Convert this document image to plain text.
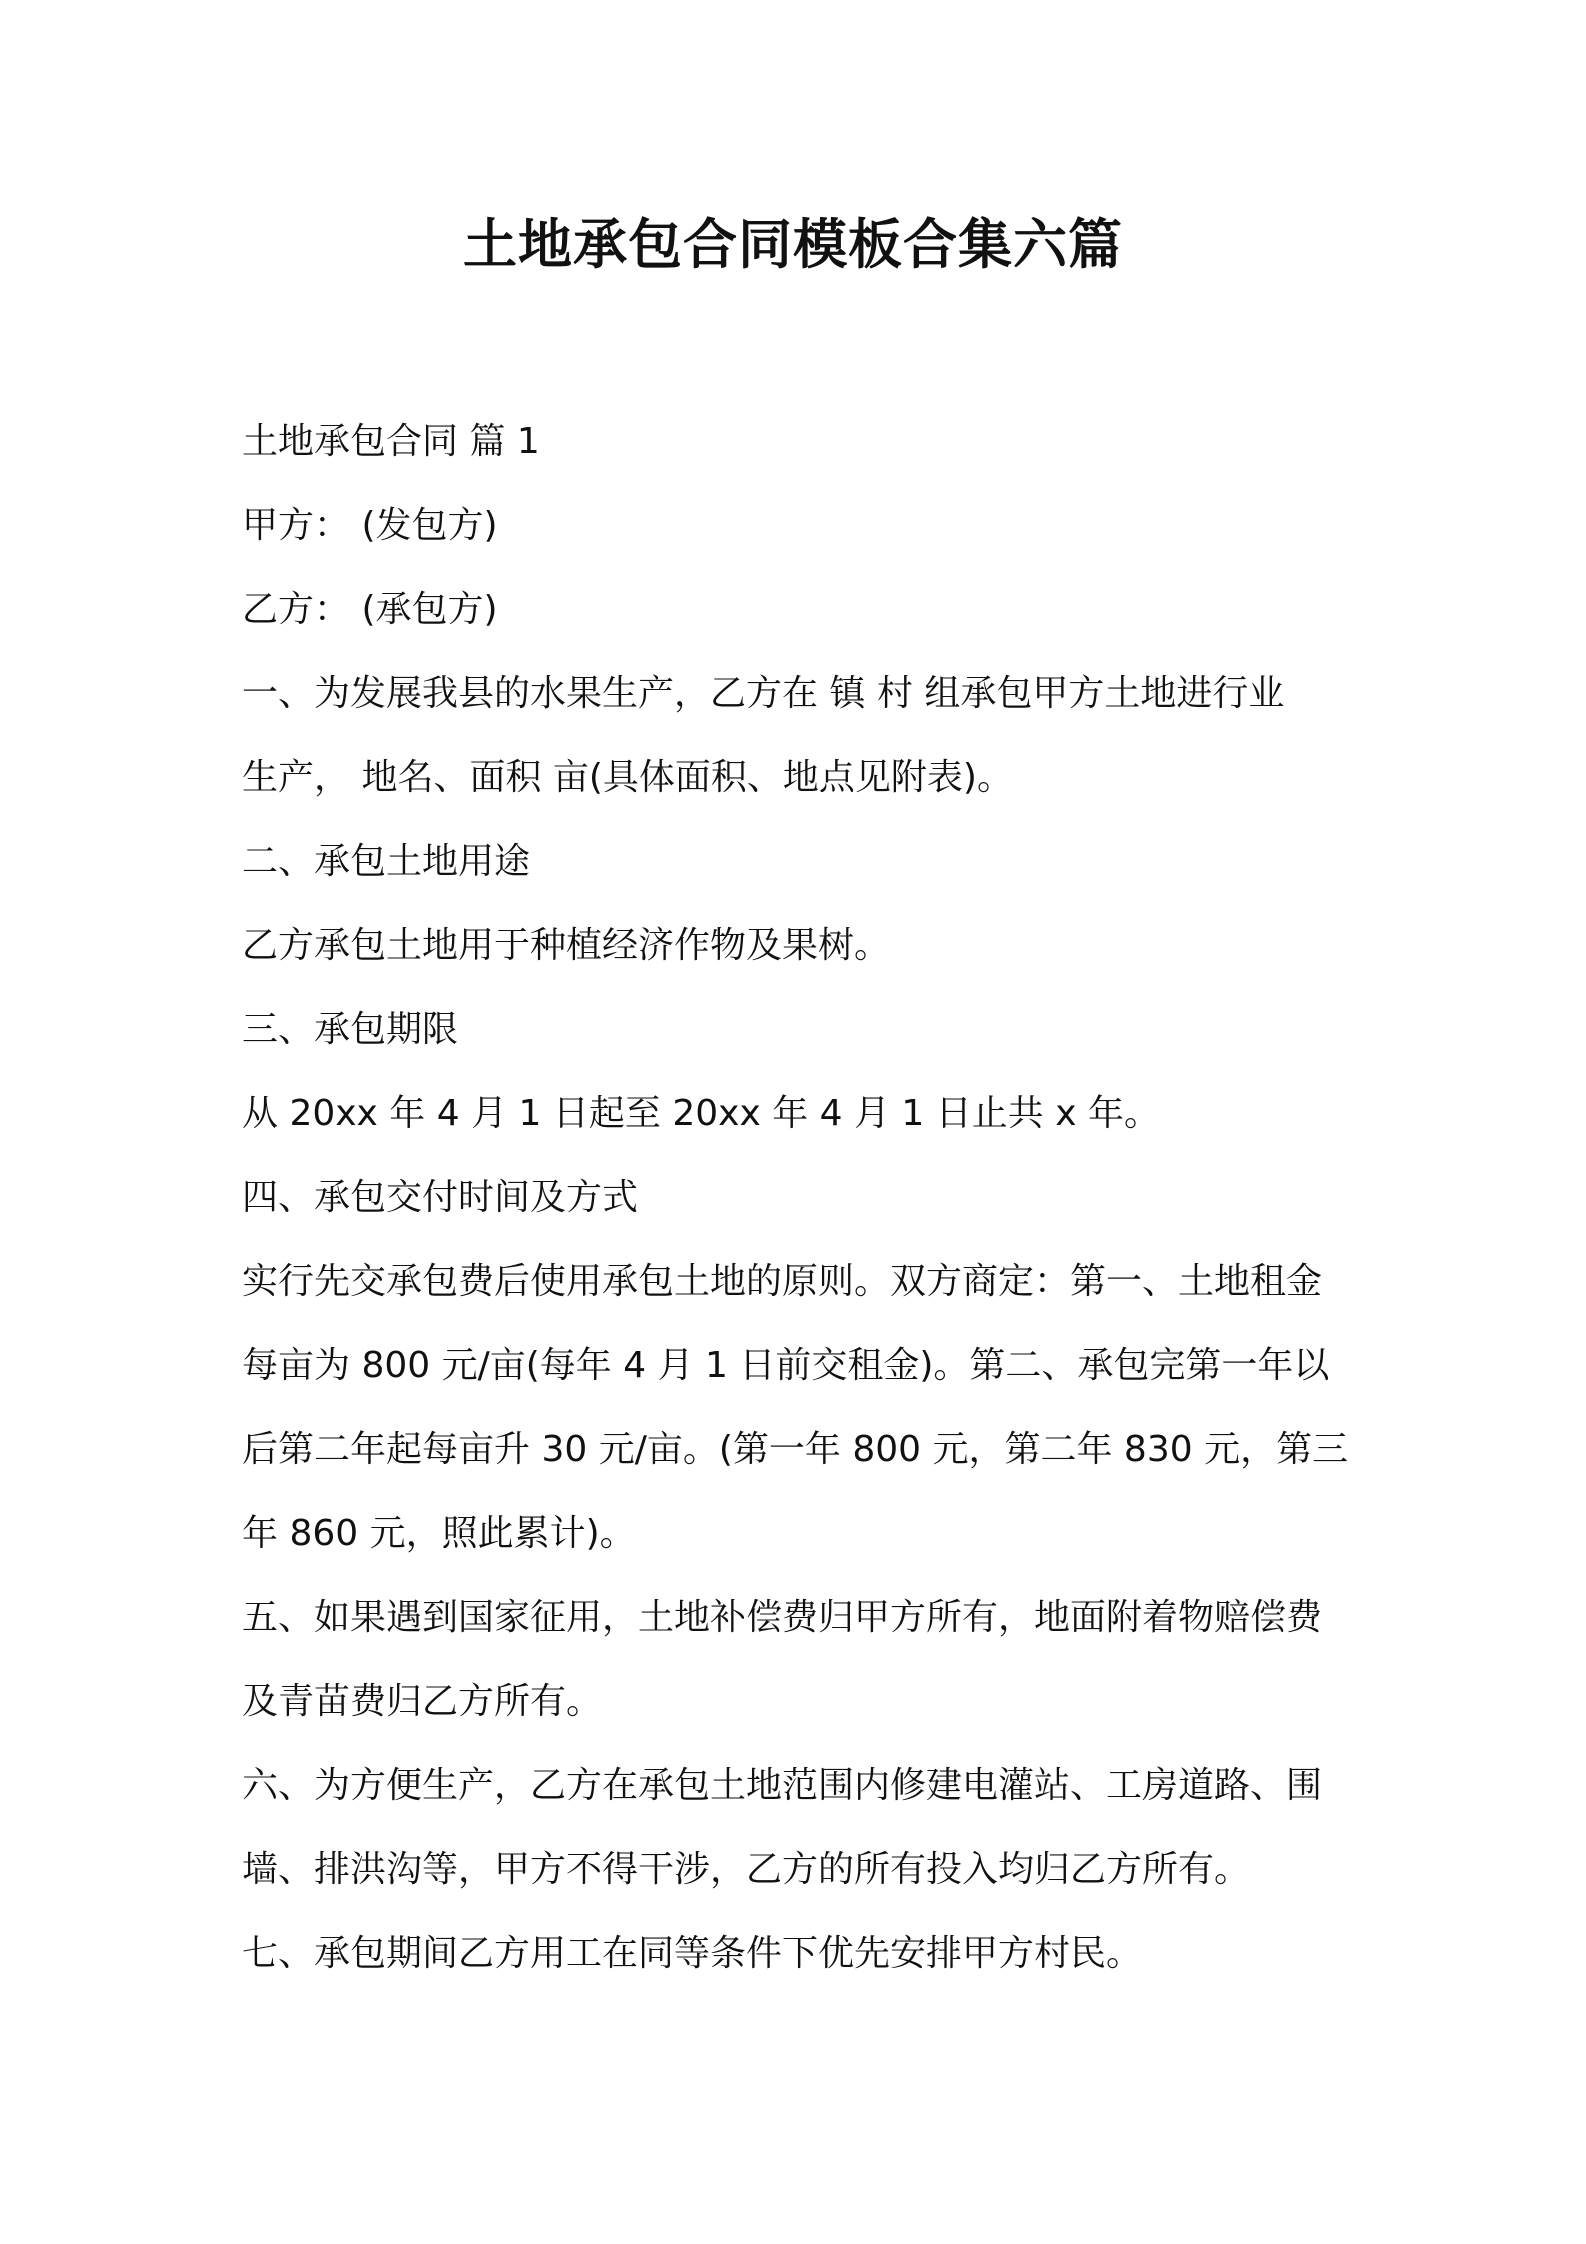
土地承包合同模板合集六篇

土地承包合同 篇 1

甲方： (发包方)

乙方： (承包方)

一、为发展我县的水果生产，乙方在 镇 村 组承包甲方土地进行业

生产， 地名、面积 亩(具体面积、地点见附表)。

二、承包土地用途

乙方承包土地用于种植经济作物及果树。

三、承包期限

从 20xx 年 4 月 1 日起至 20xx 年 4 月 1 日止共 x 年。

四、承包交付时间及方式

实行先交承包费后使用承包土地的原则。双方商定：第一、土地租金

每亩为 800 元/亩(每年 4 月 1 日前交租金)。第二、承包完第一年以

后第二年起每亩升 30 元/亩。(第一年 800 元，第二年 830 元，第三

年 860 元，照此累计)。

五、如果遇到国家征用，土地补偿费归甲方所有，地面附着物赔偿费

及青苗费归乙方所有。

六、为方便生产，乙方在承包土地范围内修建电灌站、工房道路、围

墙、排洪沟等，甲方不得干涉，乙方的所有投入均归乙方所有。

七、承包期间乙方用工在同等条件下优先安排甲方村民。
